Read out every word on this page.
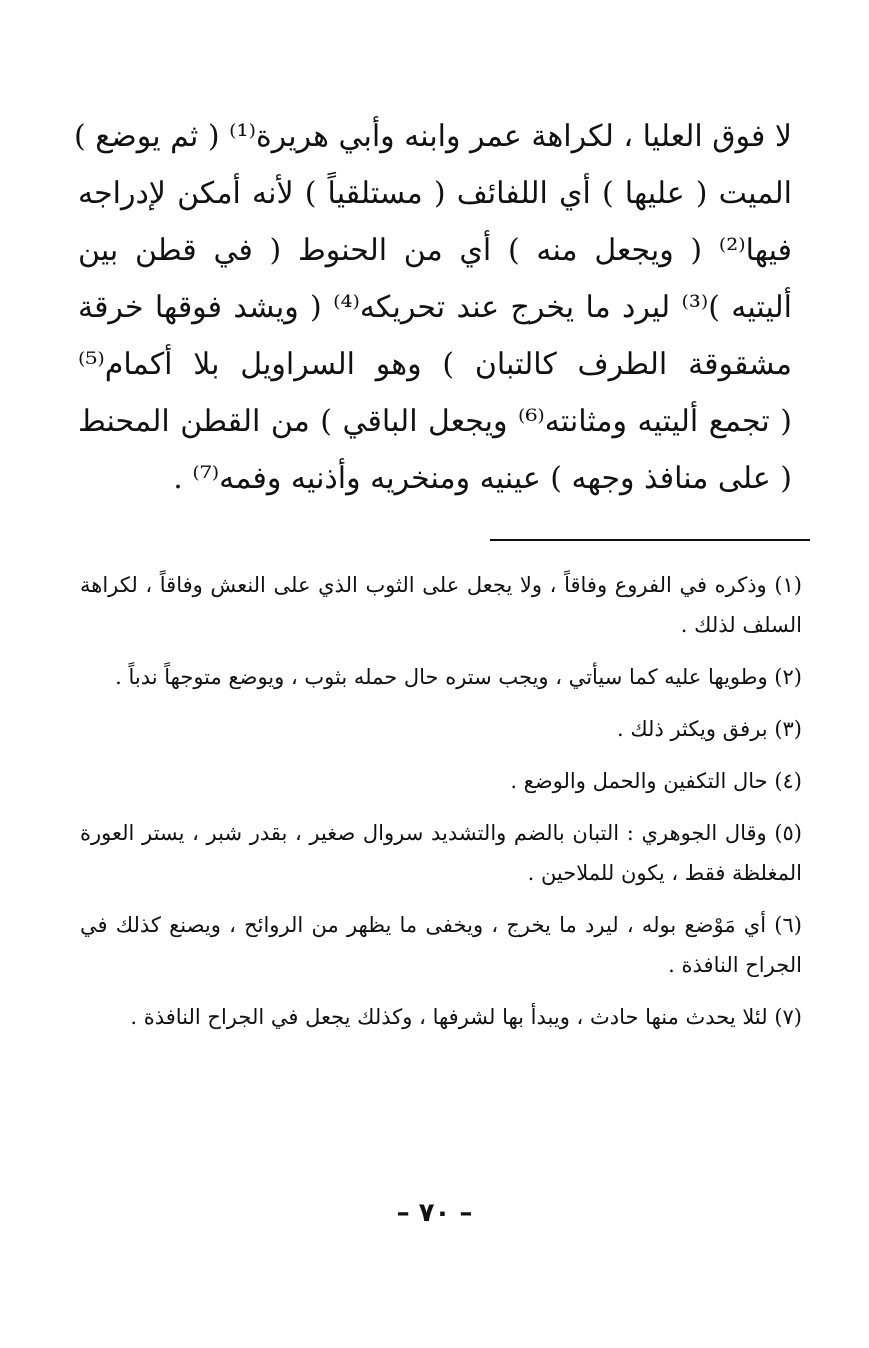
لا فوق العليا ، لكراهة عمر وابنه وأبي هريرة⁽¹⁾ ( ثم يوضع )
الميت ( عليها ) أي اللفائف ( مستلقياً ) لأنه أمكن لإدراجه
فيها⁽²⁾ ( ويجعل منه ) أي من الحنوط ( في قطن بين
أليتيه )⁽³⁾ ليرد ما يخرج عند تحريكه⁽⁴⁾ ( ويشد فوقها خرقة
مشقوقة الطرف كالتبان ) وهو السراويل بلا أكمام⁽⁵⁾
( تجمع أليتيه ومثانته⁽⁶⁾ ويجعل الباقي ) من القطن المحنط
( على منافذ وجهه ) عينيه ومنخريه وأذنيه وفمه⁽⁷⁾ .

(١) وذكره في الفروع وفاقاً ، ولا يجعل على الثوب الذي على النعش وفاقاً ، لكراهة السلف لذلك .

(٢) وطويها عليه كما سيأتي ، ويجب ستره حال حمله بثوب ، ويوضع متوجهاً ندباً .

(٣) برفق ويكثر ذلك .

(٤) حال التكفين والحمل والوضع .

(٥) وقال الجوهري : التبان بالضم والتشديد سروال صغير ، بقدر شبر ، يستر العورة المغلظة فقط ، يكون للملاحين .

(٦) أي مَوْضع بوله ، ليرد ما يخرج ، ويخفى ما يظهر من الروائح ، ويصنع كذلك في الجراح النافذة .

(٧) لئلا يحدث منها حادث ، ويبدأ بها لشرفها ، وكذلك يجعل في الجراح النافذة .

– ٧٠ –
